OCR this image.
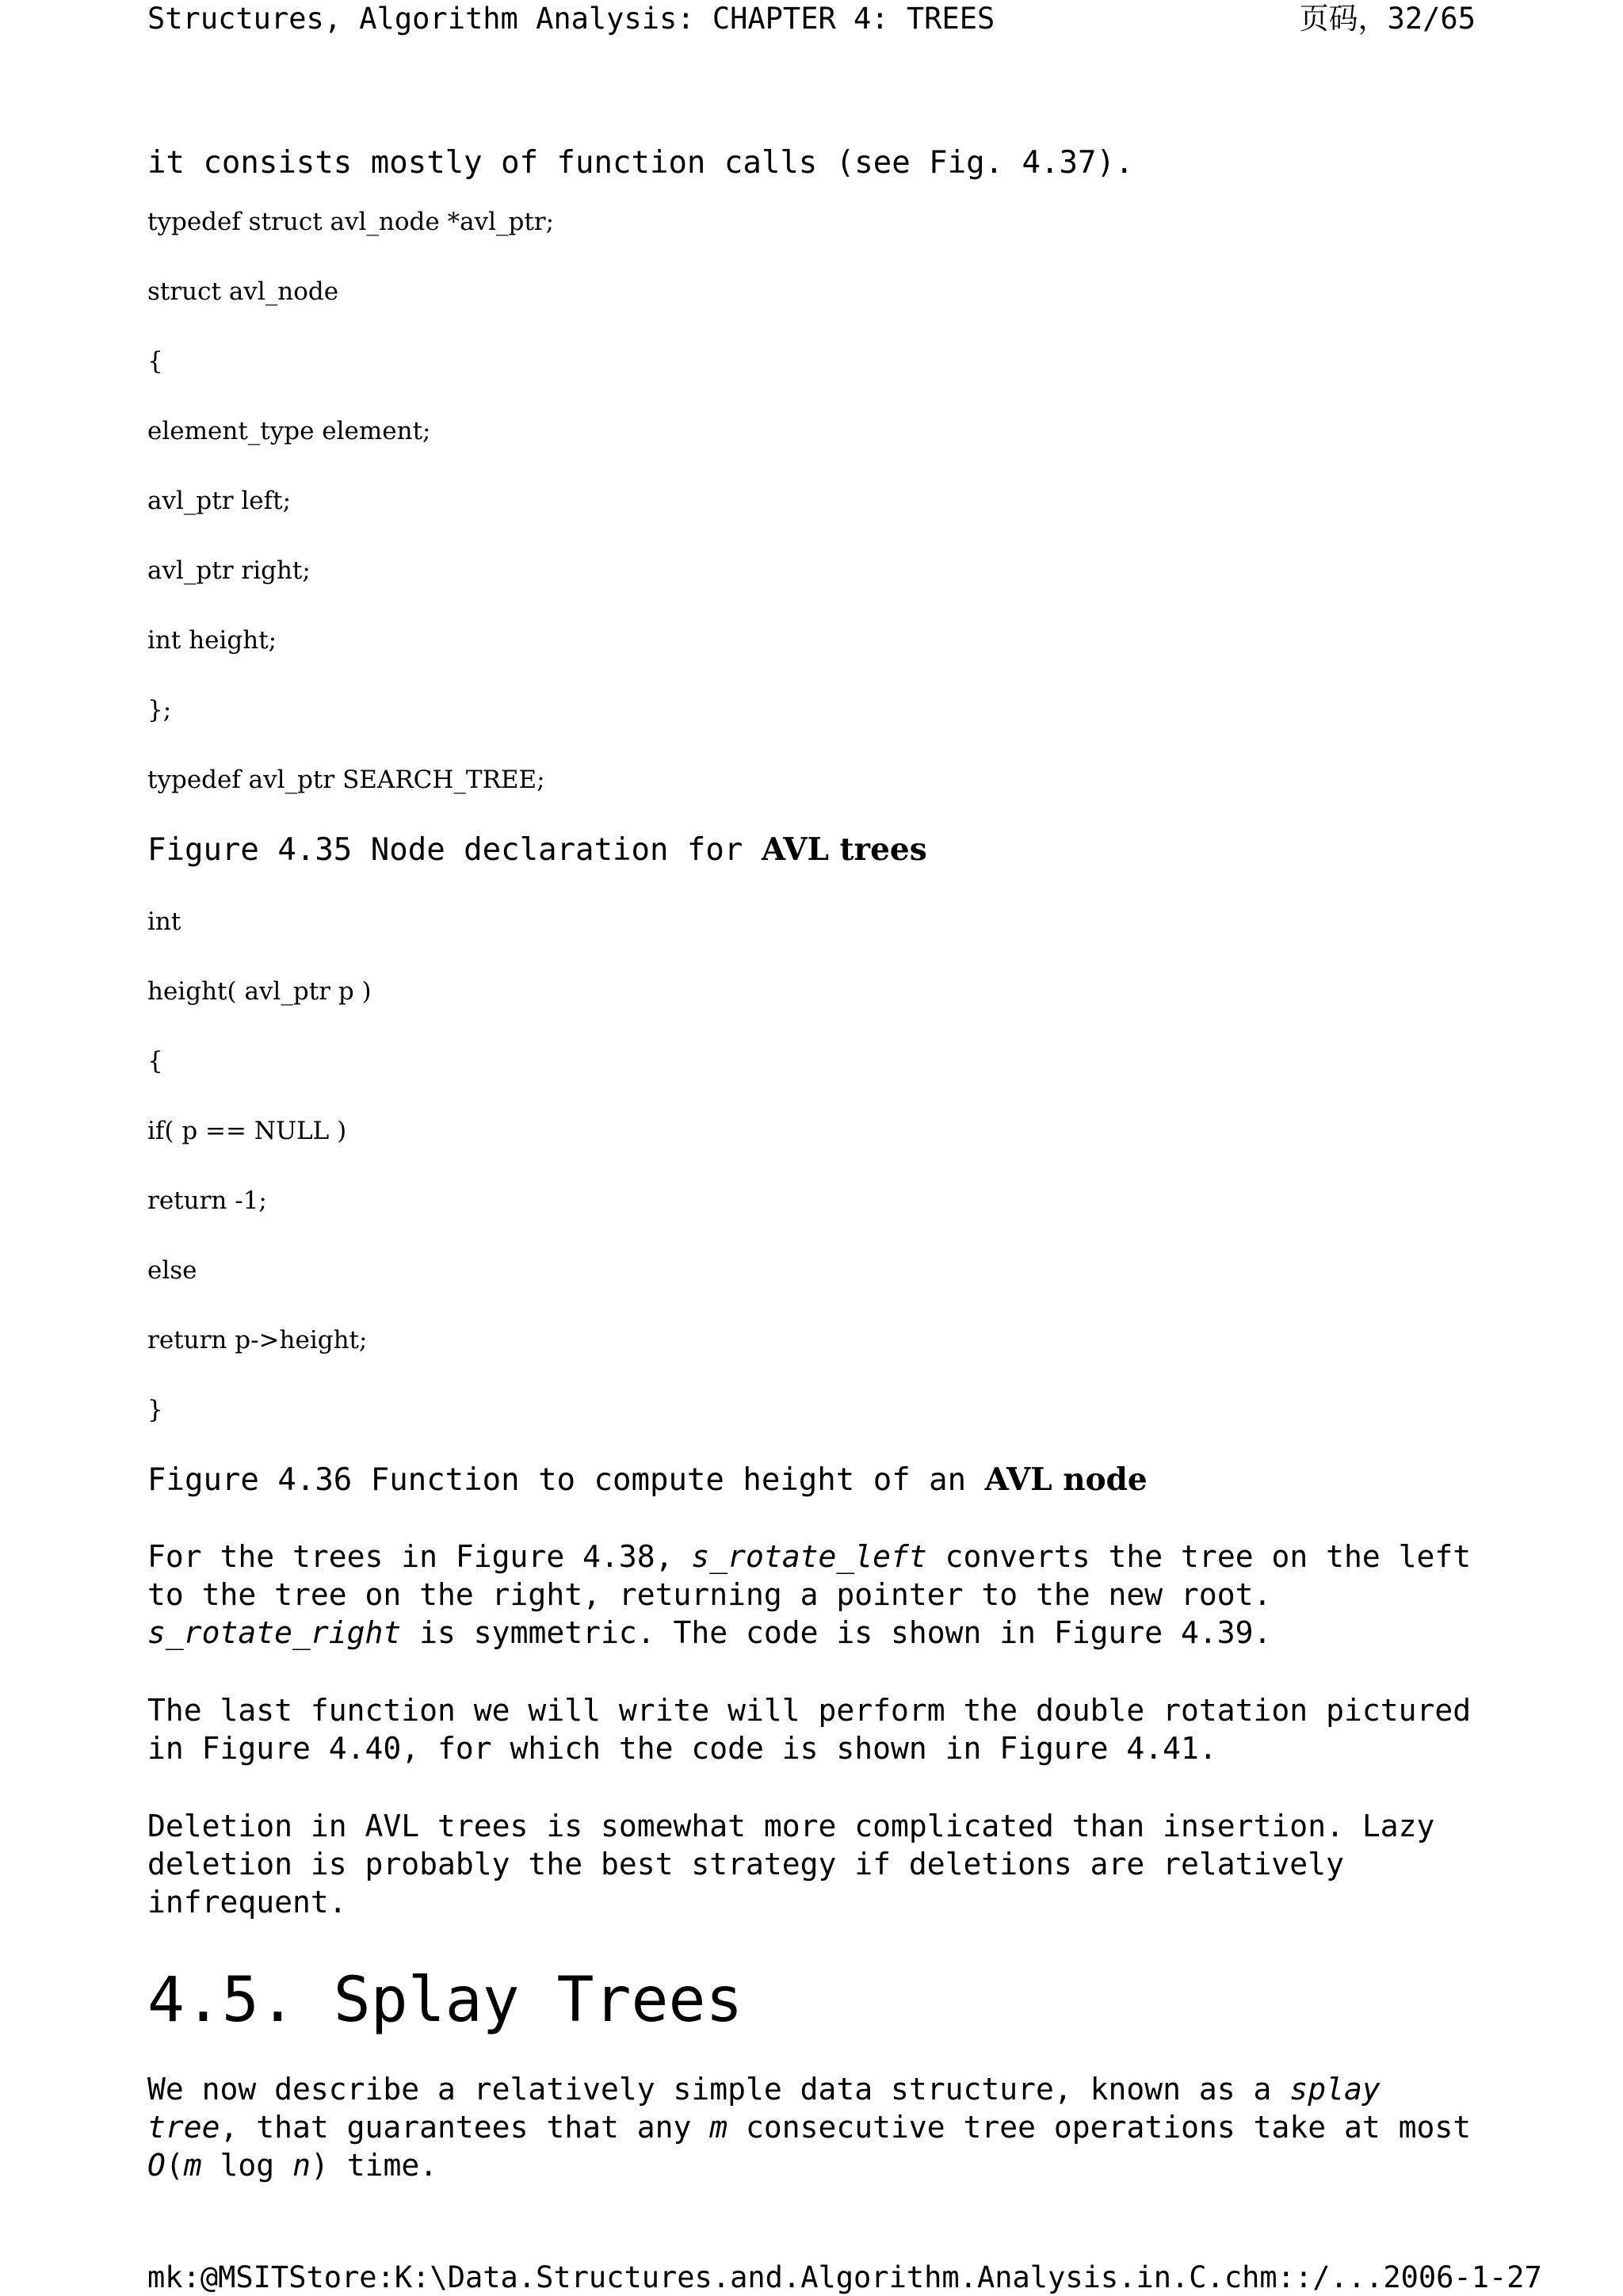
Structures, Algorithm Analysis: CHAPTER 4: TREES	页码，32/65

it consists mostly of function calls (see Fig. 4.37).

typedef struct avl_node *avl_ptr;
struct avl_node
{
element_type element;
avl_ptr left;
avl_ptr right;
int height;
};
typedef avl_ptr SEARCH_TREE;

Figure 4.35 Node declaration for AVL trees

int
height( avl_ptr p )
{
if( p == NULL )
return -1;
else
return p->height;
}

Figure 4.36 Function to compute height of an AVL node

For the trees in Figure 4.38, s_rotate_left converts the tree on the left to the tree on the right, returning a pointer to the new root. s_rotate_right is symmetric. The code is shown in Figure 4.39.

The last function we will write will perform the double rotation pictured in Figure 4.40, for which the code is shown in Figure 4.41.

Deletion in AVL trees is somewhat more complicated than insertion. Lazy deletion is probably the best strategy if deletions are relatively infrequent.

4.5. Splay Trees

We now describe a relatively simple data structure, known as a splay tree, that guarantees that any m consecutive tree operations take at most O(m log n) time.

mk:@MSITStore:K:\Data.Structures.and.Algorithm.Analysis.in.C.chm::/... 2006-1-27
